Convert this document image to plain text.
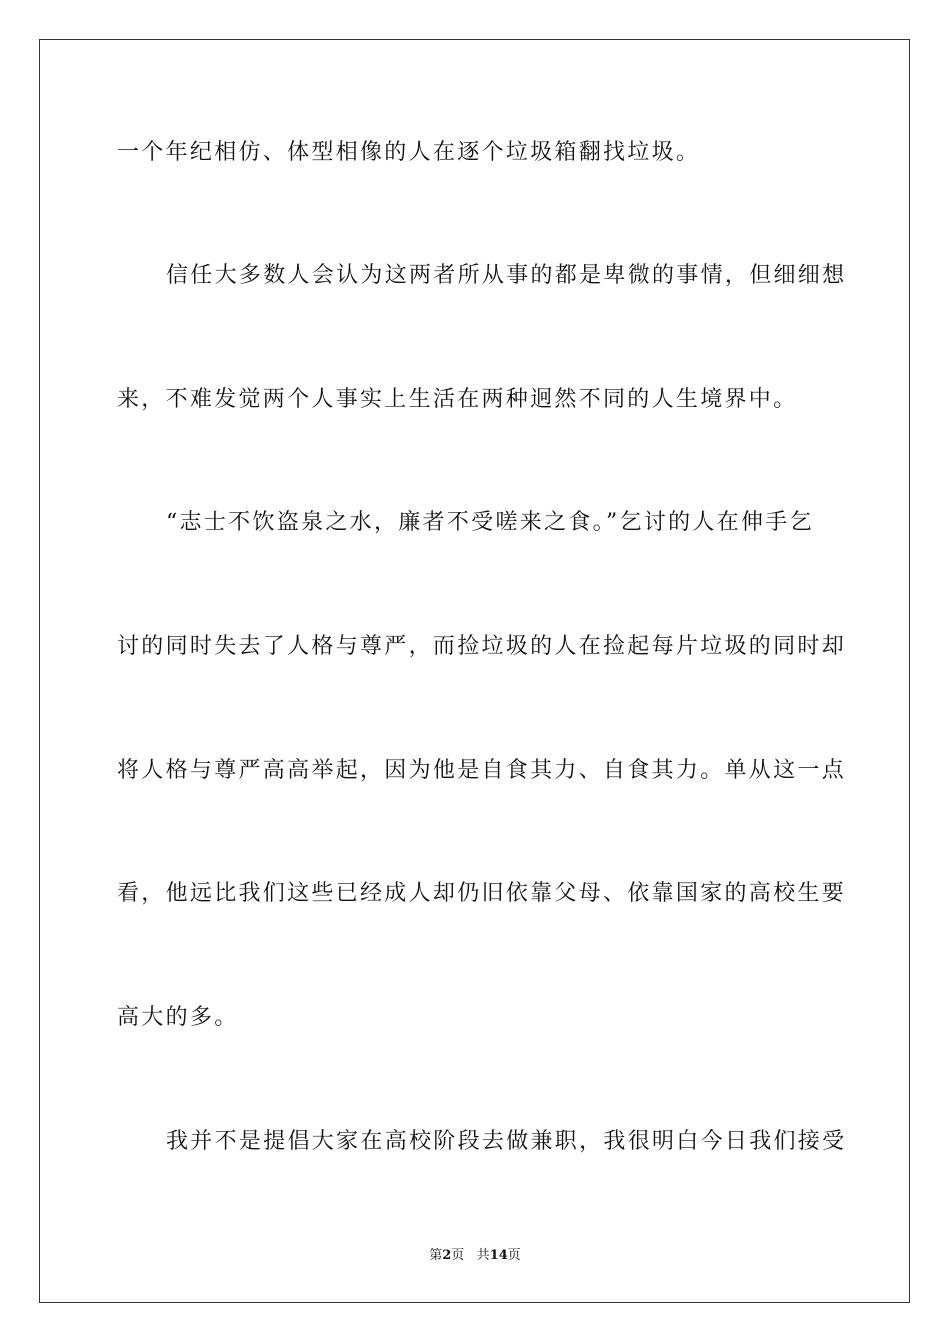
一个年纪相仿、体型相像的人在逐个垃圾箱翻找垃圾。
信任大多数人会认为这两者所从事的都是卑微的事情，但细细想
来，不难发觉两个人事实上生活在两种迥然不同的人生境界中。
“志士不饮盗泉之水，廉者不受嗟来之食。”乞讨的人在伸手乞
讨的同时失去了人格与尊严，而捡垃圾的人在捡起每片垃圾的同时却
将人格与尊严高高举起，因为他是自食其力、自食其力。单从这一点
看，他远比我们这些已经成人却仍旧依靠父母、依靠国家的高校生要
高大的多。
我并不是提倡大家在高校阶段去做兼职，我很明白今日我们接受
第2页 共14页
